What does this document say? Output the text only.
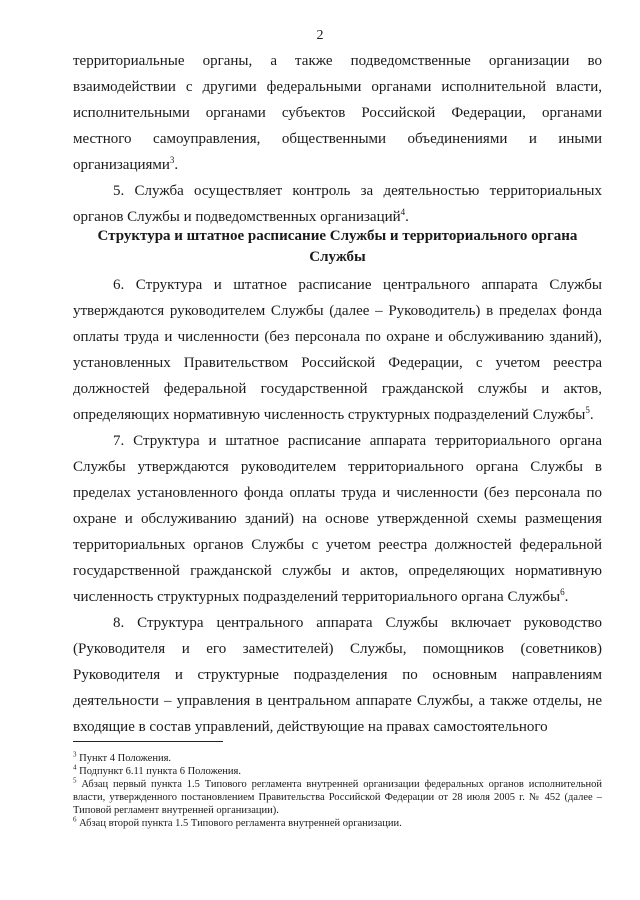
2

территориальные органы, а также подведомственные организации во взаимодействии с другими федеральными органами исполнительной власти, исполнительными органами субъектов Российской Федерации, органами местного самоуправления, общественными объединениями и иными организациями$^3$.

5. Служба осуществляет контроль за деятельностью территориальных органов Службы и подведомственных организаций$^4$.

Структура и штатное расписание Службы и территориального органа Службы

6. Структура и штатное расписание центрального аппарата Службы утверждаются руководителем Службы (далее – Руководитель) в пределах фонда оплаты труда и численности (без персонала по охране и обслуживанию зданий), установленных Правительством Российской Федерации, с учетом реестра должностей федеральной государственной гражданской службы и актов, определяющих нормативную численность структурных подразделений Службы$^5$.

7. Структура и штатное расписание аппарата территориального органа Службы утверждаются руководителем территориального органа Службы в пределах установленного фонда оплаты труда и численности (без персонала по охране и обслуживанию зданий) на основе утвержденной схемы размещения территориальных органов Службы с учетом реестра должностей федеральной государственной гражданской службы и актов, определяющих нормативную численность структурных подразделений территориального органа Службы$^6$.

8. Структура центрального аппарата Службы включает руководство (Руководителя и его заместителей) Службы, помощников (советников) Руководителя и структурные подразделения по основным направлениям деятельности – управления в центральном аппарате Службы, а также отделы, не входящие в состав управлений, действующие на правах самостоятельного

$^3$ Пункт 4 Положения.

$^4$ Подпункт 6.11 пункта 6 Положения.

$^5$ Абзац первый пункта 1.5 Типового регламента внутренней организации федеральных органов исполнительной власти, утвержденного постановлением Правительства Российской Федерации от 28 июля 2005 г. № 452 (далее – Типовой регламент внутренней организации).

$^6$ Абзац второй пункта 1.5 Типового регламента внутренней организации.
